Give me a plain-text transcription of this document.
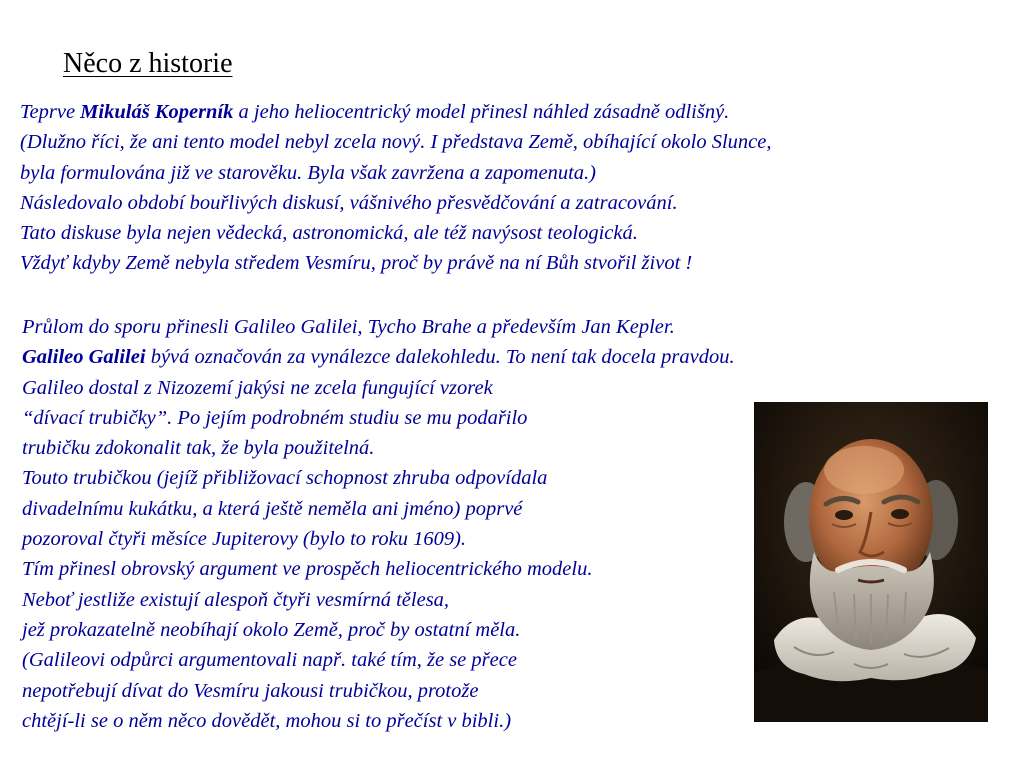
Něco z historie
Teprve Mikuláš Koperník a jeho heliocentrický model přinesl náhled zásadně odlišný.
(Dlužno říci, že ani tento model nebyl zcela nový. I představa Země, obíhající okolo Slunce,
byla formulována již ve starověku. Byla však zavržena a zapomenuta.)
Následovalo období bouřlivých diskusí, vášnivého přesvědčování a zatracování.
Tato diskuse byla nejen vědecká, astronomická, ale též navýsost teologická.
Vždyť kdyby Země nebyla středem Vesmíru, proč by právě na ní Bůh stvořil život !
Průlom do sporu přinesli Galileo Galilei, Tycho Brahe a především Jan Kepler.
Galileo Galilei bývá označován za vynálezce dalekohledu. To není tak docela pravdou.
Galileo dostal z Nizozemí jakýsi ne zcela fungující vzorek
“dívací trubičky”. Po jejím podrobném studiu se mu podařilo
trubičku zdokonalit tak, že byla použitelná.
Touto trubičkou (jejíž přibližovací schopnost zhruba odpovídala
divadelnímu kukátku, a která ještě neměla ani jméno) poprvé
pozoroval čtyři měsíce Jupiterovy (bylo to roku 1609).
Tím přinesl obrovský argument ve prospěch heliocentrického modelu.
Neboť jestliže existují alespoň čtyři vesmírná tělesa,
jež prokazatelně neobíhají okolo Země, proč by ostatní měla.
(Galileovi odpůrci argumentovali např. také tím, že se přece
nepotřebují dívat do Vesmíru jakousi trubičkou, protože
chtějí-li se o něm něco dovědět, mohou si to přečíst v bibli.)
